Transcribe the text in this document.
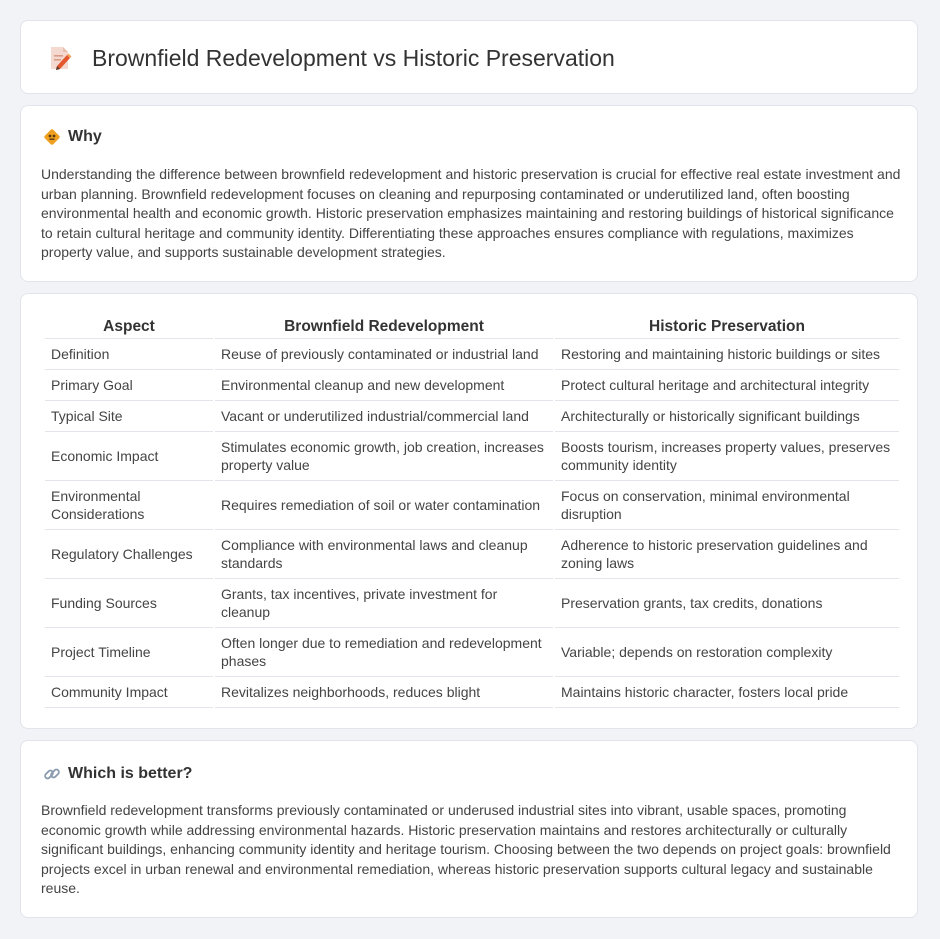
Brownfield Redevelopment vs Historic Preservation
Why

Understanding the difference between brownfield redevelopment and historic preservation is crucial for effective real estate investment and urban planning. Brownfield redevelopment focuses on cleaning and repurposing contaminated or underutilized land, often boosting environmental health and economic growth. Historic preservation emphasizes maintaining and restoring buildings of historical significance to retain cultural heritage and community identity. Differentiating these approaches ensures compliance with regulations, maximizes property value, and supports sustainable development strategies.

Aspect	Brownfield Redevelopment	Historic Preservation
Definition	Reuse of previously contaminated or industrial land	Restoring and maintaining historic buildings or sites
Primary Goal	Environmental cleanup and new development	Protect cultural heritage and architectural integrity
Typical Site	Vacant or underutilized industrial/commercial land	Architecturally or historically significant buildings
Economic Impact	Stimulates economic growth, job creation, increases property value	Boosts tourism, increases property values, preserves community identity
Environmental Considerations	Requires remediation of soil or water contamination	Focus on conservation, minimal environmental disruption
Regulatory Challenges	Compliance with environmental laws and cleanup standards	Adherence to historic preservation guidelines and zoning laws
Funding Sources	Grants, tax incentives, private investment for cleanup	Preservation grants, tax credits, donations
Project Timeline	Often longer due to remediation and redevelopment phases	Variable; depends on restoration complexity
Community Impact	Revitalizes neighborhoods, reduces blight	Maintains historic character, fosters local pride
Which is better?

Brownfield redevelopment transforms previously contaminated or underused industrial sites into vibrant, usable spaces, promoting economic growth while addressing environmental hazards. Historic preservation maintains and restores architecturally or culturally significant buildings, enhancing community identity and heritage tourism. Choosing between the two depends on project goals: brownfield projects excel in urban renewal and environmental remediation, whereas historic preservation supports cultural legacy and sustainable reuse.
